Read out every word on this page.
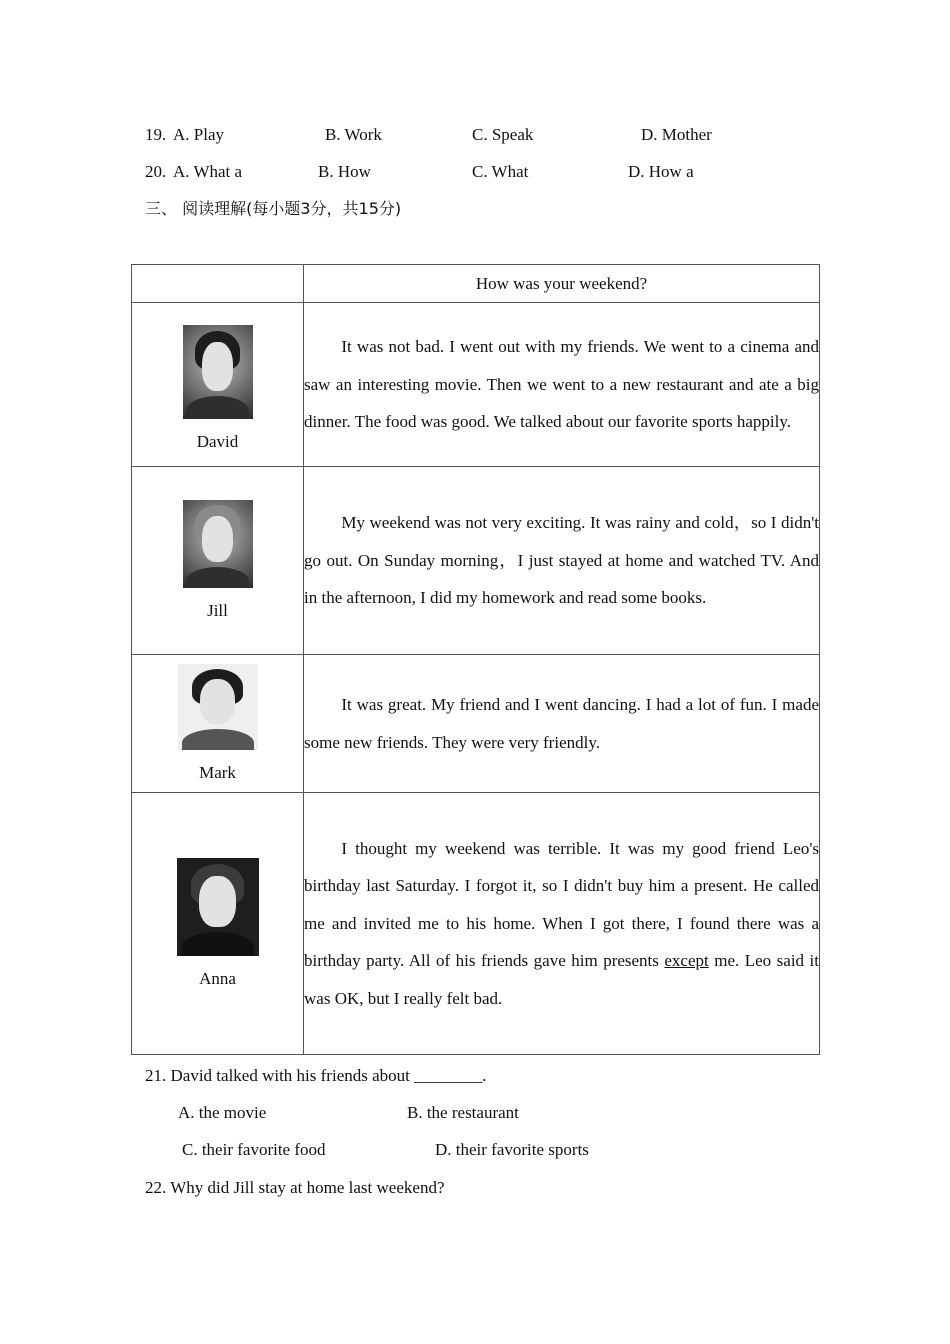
19. A. Play	B. Work	C. Speak	D. Mother
20. A. What a	B. How	C. What	D. How a
三、 阅读理解(每小题3分，共15分)
	How was your weekend?

David	It was not bad. I went out with my friends. We went to a cinema and saw an interesting movie. Then we went to a new restaurant and ate a big dinner. The food was good. We talked about our favorite sports happily.

Jill	My weekend was not very exciting. It was rainy and cold，so I didn't go out. On Sunday morning，I just stayed at home and watched TV. And in the afternoon, I did my homework and read some books.

Mark	It was great. My friend and I went dancing. I had a lot of fun. I made some new friends. They were very friendly.

Anna	I thought my weekend was terrible. It was my good friend Leo's birthday last Saturday. I forgot it, so I didn't buy him a present. He called me and invited me to his home. When I got there, I found there was a birthday party. All of his friends gave him presents except me. Leo said it was OK, but I really felt bad.

21. David talked with his friends about ________.
A. the movie	B. the restaurant
C. their favorite food	D. their favorite sports
22. Why did Jill stay at home last weekend?
